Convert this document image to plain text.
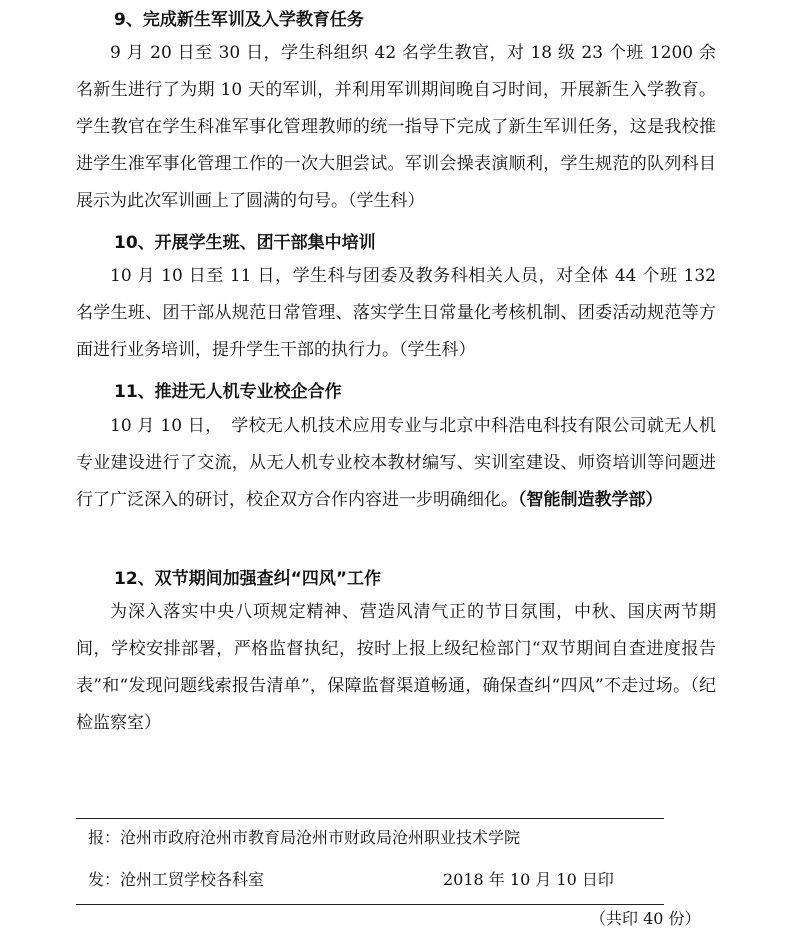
9、完成新生军训及入学教育任务

9 月 20 日至 30 日，学生科组织 42 名学生教官，对 18 级 23 个班 1200 余名新生进行了为期 10 天的军训，并利用军训期间晚自习时间，开展新生入学教育。学生教官在学生科准军事化管理教师的统一指导下完成了新生军训任务，这是我校推进学生准军事化管理工作的一次大胆尝试。军训会操表演顺利，学生规范的队列科目展示为此次军训画上了圆满的句号。（学生科）

10、开展学生班、团干部集中培训

10 月 10 日至 11 日，学生科与团委及教务科相关人员，对全体 44 个班 132 名学生班、团干部从规范日常管理、落实学生日常量化考核机制、团委活动规范等方面进行业务培训，提升学生干部的执行力。（学生科）

11、推进无人机专业校企合作

10 月 10 日，　学校无人机技术应用专业与北京中科浩电科技有限公司就无人机专业建设进行了交流，从无人机专业校本教材编写、实训室建设、师资培训等问题进行了广泛深入的研讨，校企双方合作内容进一步明确细化。（智能制造教学部）

12、双节期间加强查纠“四风”工作

为深入落实中央八项规定精神、营造风清气正的节日氛围，中秋、国庆两节期间，学校安排部署，严格监督执纪，按时上报上级纪检部门“双节期间自查进度报告表”和“发现问题线索报告清单”，保障监督渠道畅通，确保查纠“四风”不走过场。（纪检监察室）

报：沧州市政府沧州市教育局沧州市财政局沧州职业技术学院
发：沧州工贸学校各科室	2018 年 10 月 10 日印
（共印 40 份）
